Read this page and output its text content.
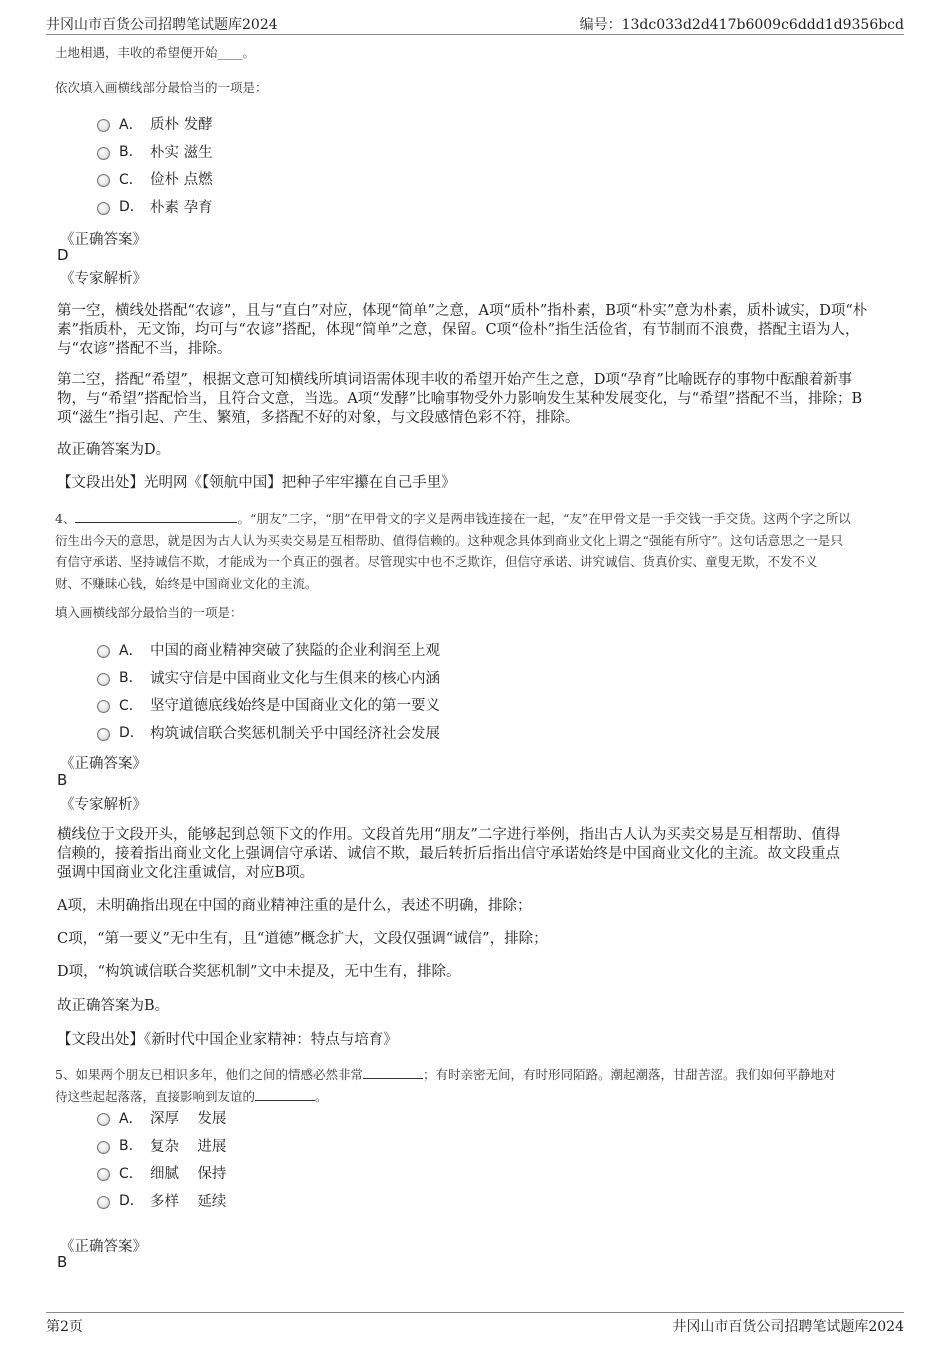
井冈山市百货公司招聘笔试题库2024	编号：13dc033d2d417b6009c6ddd1d9356bcd
土地相遇，丰收的希望便开始____。
依次填入画横线部分最恰当的一项是：
A． 质朴 发酵
B． 朴实 滋生
C． 俭朴 点燃
D． 朴素 孕育
《正确答案》
D
《专家解析》
第一空，横线处搭配“农谚”，且与“直白”对应，体现“简单”之意，A项“质朴”指朴素，B项“朴实”意为朴素，质朴诚实，D项“朴
素”指质朴，无文饰，均可与“农谚”搭配，体现“简单”之意，保留。C项“俭朴”指生活俭省，有节制而不浪费，搭配主语为人，
与“农谚”搭配不当，排除。
第二空，搭配“希望”，根据文意可知横线所填词语需体现丰收的希望开始产生之意，D项“孕育”比喻既存的事物中酝酿着新事
物，与“希望”搭配恰当，且符合文意，当选。A项“发酵”比喻事物受外力影响发生某种发展变化，与“希望”搭配不当，排除；B
项“滋生”指引起、产生、繁殖，多搭配不好的对象，与文段感情色彩不符，排除。
故正确答案为D。
【文段出处】光明网《【领航中国】把种子牢牢攥在自己手里》
4、	。“朋友”二字，“朋”在甲骨文的字义是两串钱连接在一起，“友”在甲骨文是一手交钱一手交货。这两个字之所以
衍生出今天的意思，就是因为古人认为买卖交易是互相帮助、值得信赖的。这种观念具体到商业文化上谓之“强能有所守”。这句话意思之一是只
有信守承诺、坚持诚信不欺，才能成为一个真正的强者。尽管现实中也不乏欺诈，但信守承诺、讲究诚信、货真价实、童叟无欺，不发不义
财、不赚昧心钱，始终是中国商业文化的主流。
填入画横线部分最恰当的一项是：
A． 中国的商业精神突破了狭隘的企业利润至上观
B． 诚实守信是中国商业文化与生俱来的核心内涵
C． 坚守道德底线始终是中国商业文化的第一要义
D． 构筑诚信联合奖惩机制关乎中国经济社会发展
《正确答案》
B
《专家解析》
横线位于文段开头，能够起到总领下文的作用。文段首先用“朋友”二字进行举例，指出古人认为买卖交易是互相帮助、值得
信赖的，接着指出商业文化上强调信守承诺、诚信不欺，最后转折后指出信守承诺始终是中国商业文化的主流。故文段重点
强调中国商业文化注重诚信，对应B项。
A项，未明确指出现在中国的商业精神注重的是什么，表述不明确，排除；
C项，“第一要义”无中生有，且“道德”概念扩大，文段仅强调“诚信”，排除；
D项，“构筑诚信联合奖惩机制”文中未提及，无中生有，排除。
故正确答案为B。
【文段出处】《新时代中国企业家精神：特点与培育》
5、如果两个朋友已相识多年，他们之间的情感必然非常	；有时亲密无间，有时形同陌路。潮起潮落，甘甜苦涩。我们如何平静地对
待这些起起落落，直接影响到友谊的	。
A． 深厚    发展
B． 复杂    进展
C． 细腻    保持
D． 多样    延续
《正确答案》
B
第2页	井冈山市百货公司招聘笔试题库2024
